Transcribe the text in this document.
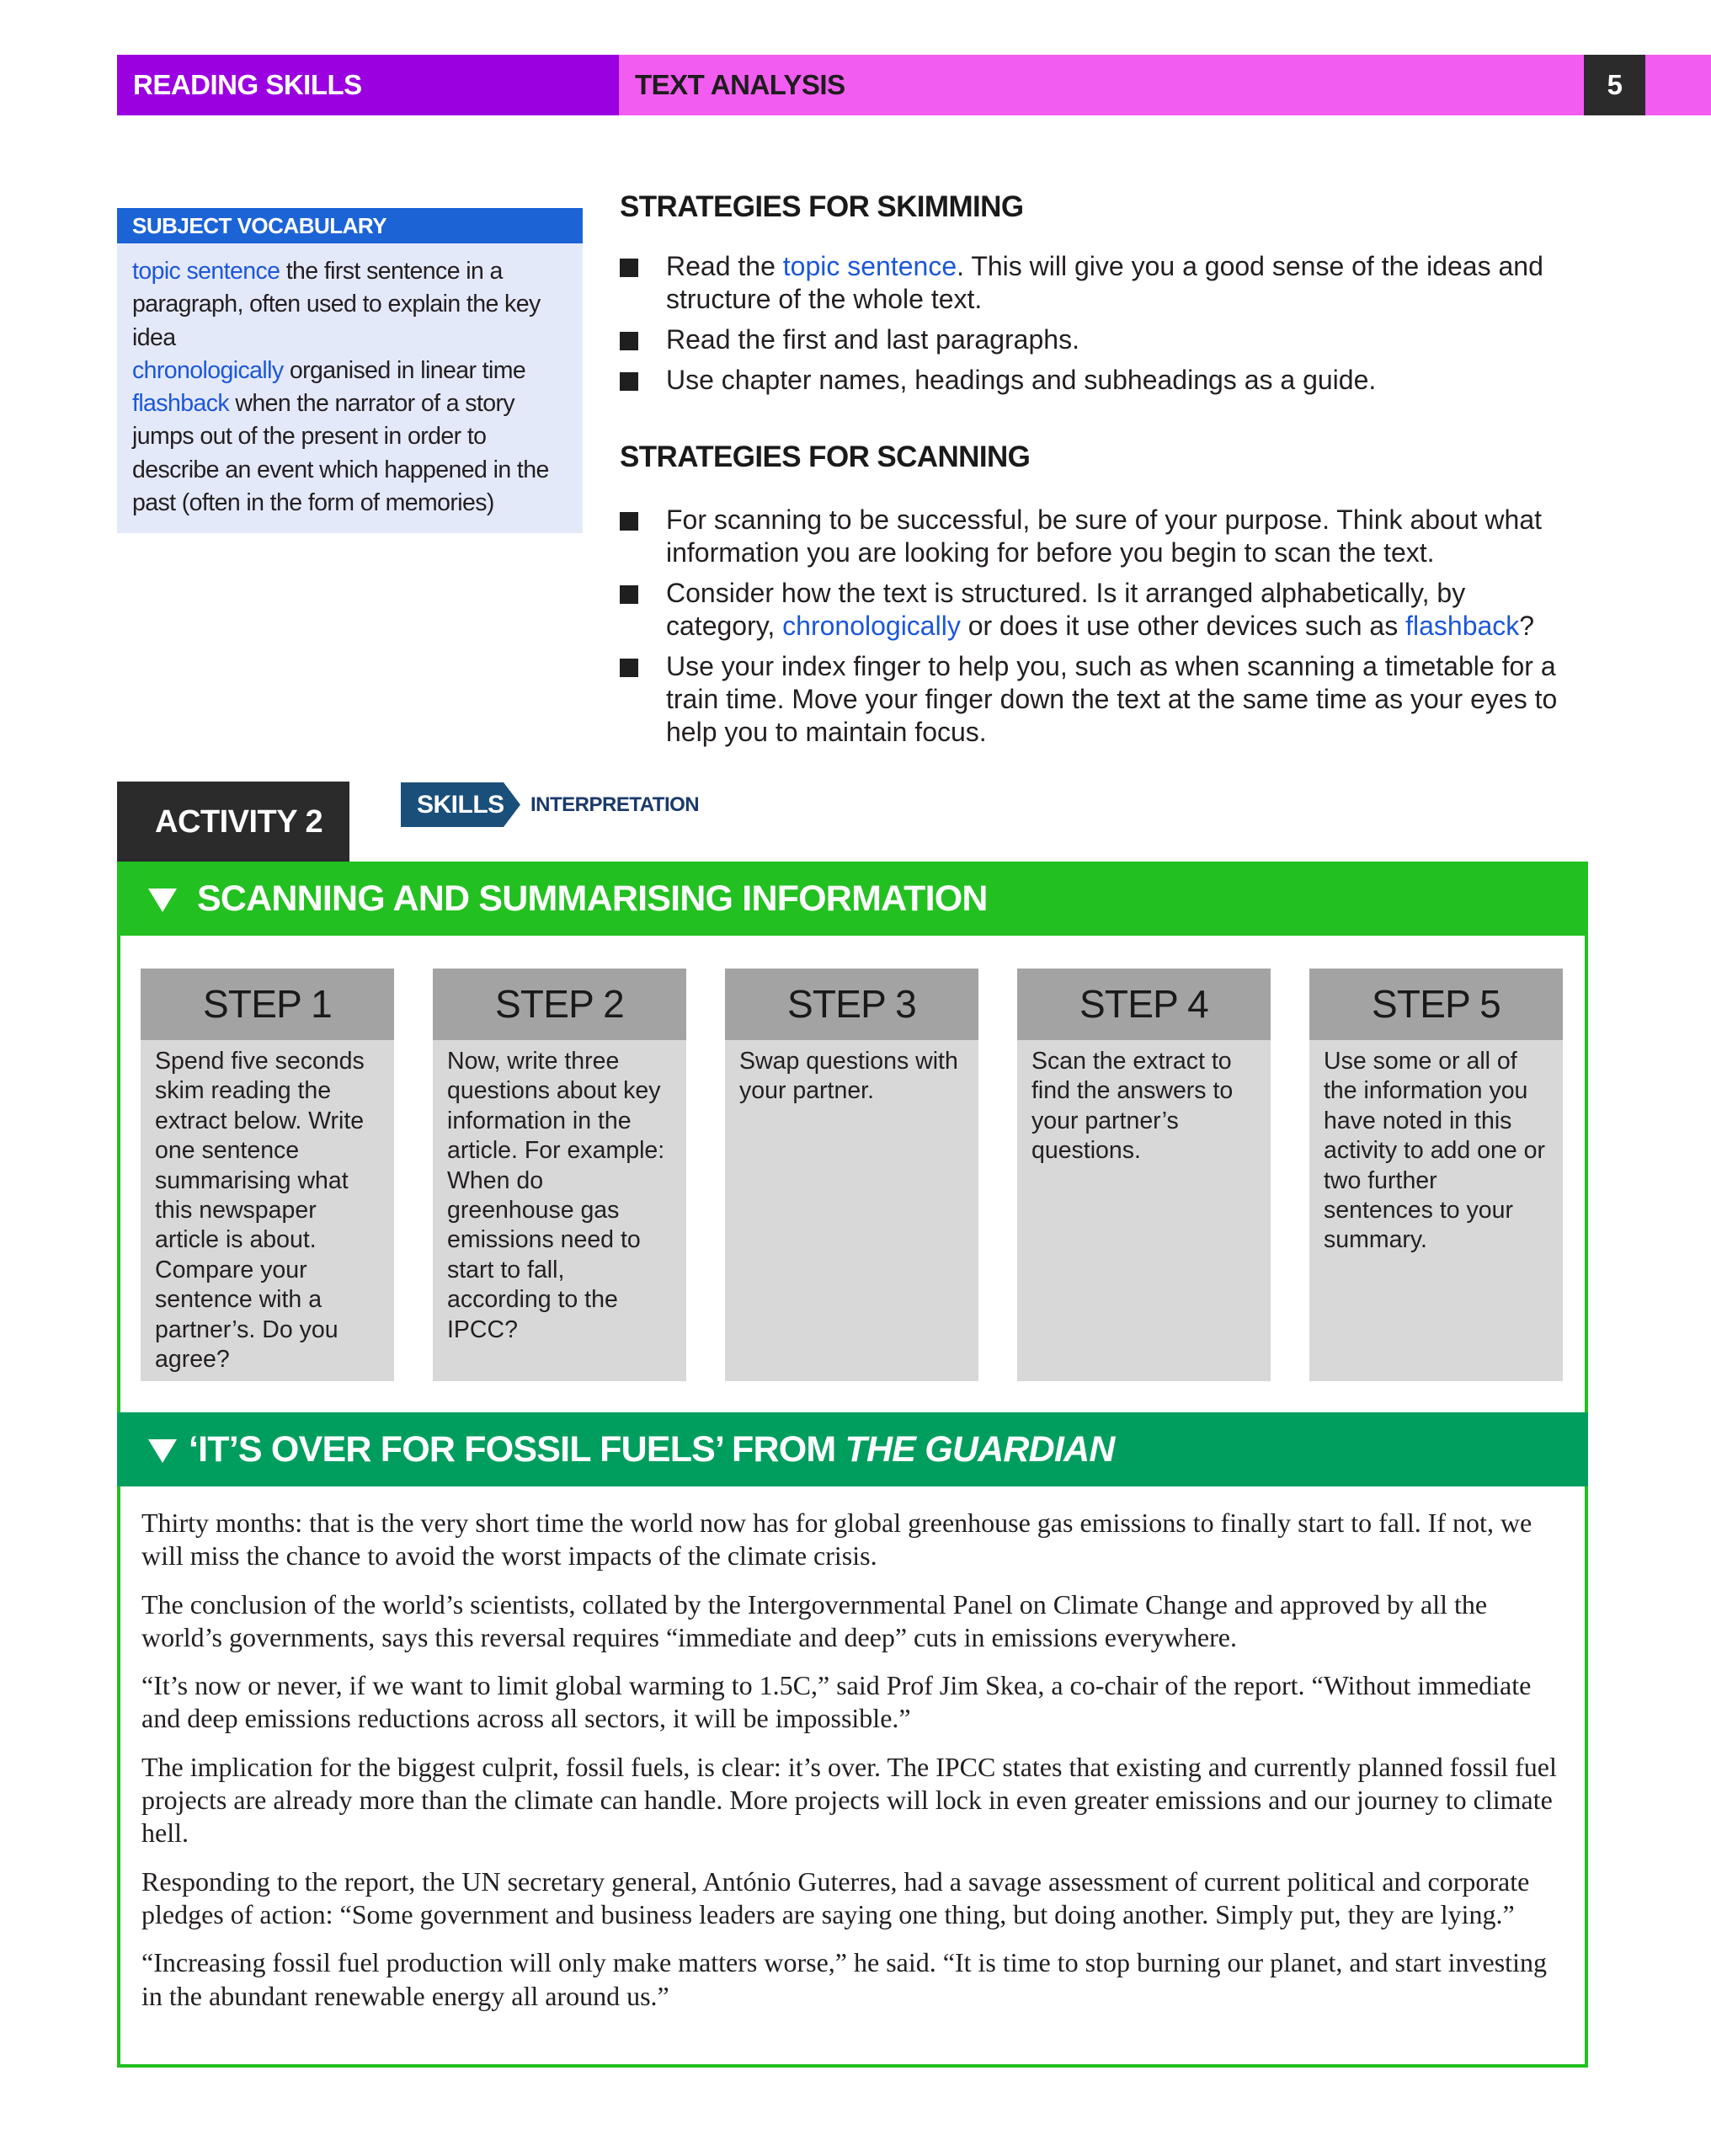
READING SKILLS	TEXT ANALYSIS	5
SUBJECT VOCABULARY
topic sentence the first sentence in a paragraph, often used to explain the key idea
chronologically organised in linear time
flashback when the narrator of a story jumps out of the present in order to describe an event which happened in the past (often in the form of memories)
STRATEGIES FOR SKIMMING
Read the topic sentence. This will give you a good sense of the ideas and structure of the whole text.
Read the first and last paragraphs.
Use chapter names, headings and subheadings as a guide.
STRATEGIES FOR SCANNING
For scanning to be successful, be sure of your purpose. Think about what information you are looking for before you begin to scan the text.
Consider how the text is structured. Is it arranged alphabetically, by category, chronologically or does it use other devices such as flashback?
Use your index finger to help you, such as when scanning a timetable for a train time. Move your finger down the text at the same time as your eyes to help you to maintain focus.
ACTIVITY 2	SKILLS INTERPRETATION
SCANNING AND SUMMARISING INFORMATION
STEP 1
Spend five seconds skim reading the extract below. Write one sentence summarising what this newspaper article is about. Compare your sentence with a partner’s. Do you agree?
STEP 2
Now, write three questions about key information in the article. For example: When do greenhouse gas emissions need to start to fall, according to the IPCC?
STEP 3
Swap questions with your partner.
STEP 4
Scan the extract to find the answers to your partner’s questions.
STEP 5
Use some or all of the information you have noted in this activity to add one or two further sentences to your summary.
‘IT’S OVER FOR FOSSIL FUELS’ FROM THE GUARDIAN

Thirty months: that is the very short time the world now has for global greenhouse gas emissions to finally start to fall. If not, we will miss the chance to avoid the worst impacts of the climate crisis.

The conclusion of the world’s scientists, collated by the Intergovernmental Panel on Climate Change and approved by all the world’s governments, says this reversal requires “immediate and deep” cuts in emissions everywhere.

“It’s now or never, if we want to limit global warming to 1.5C,” said Prof Jim Skea, a co-chair of the report. “Without immediate and deep emissions reductions across all sectors, it will be impossible.”

The implication for the biggest culprit, fossil fuels, is clear: it’s over. The IPCC states that existing and currently planned fossil fuel projects are already more than the climate can handle. More projects will lock in even greater emissions and our journey to climate hell.

Responding to the report, the UN secretary general, António Guterres, had a savage assessment of current political and corporate pledges of action: “Some government and business leaders are saying one thing, but doing another. Simply put, they are lying.”

“Increasing fossil fuel production will only make matters worse,” he said. “It is time to stop burning our planet, and start investing in the abundant renewable energy all around us.”
